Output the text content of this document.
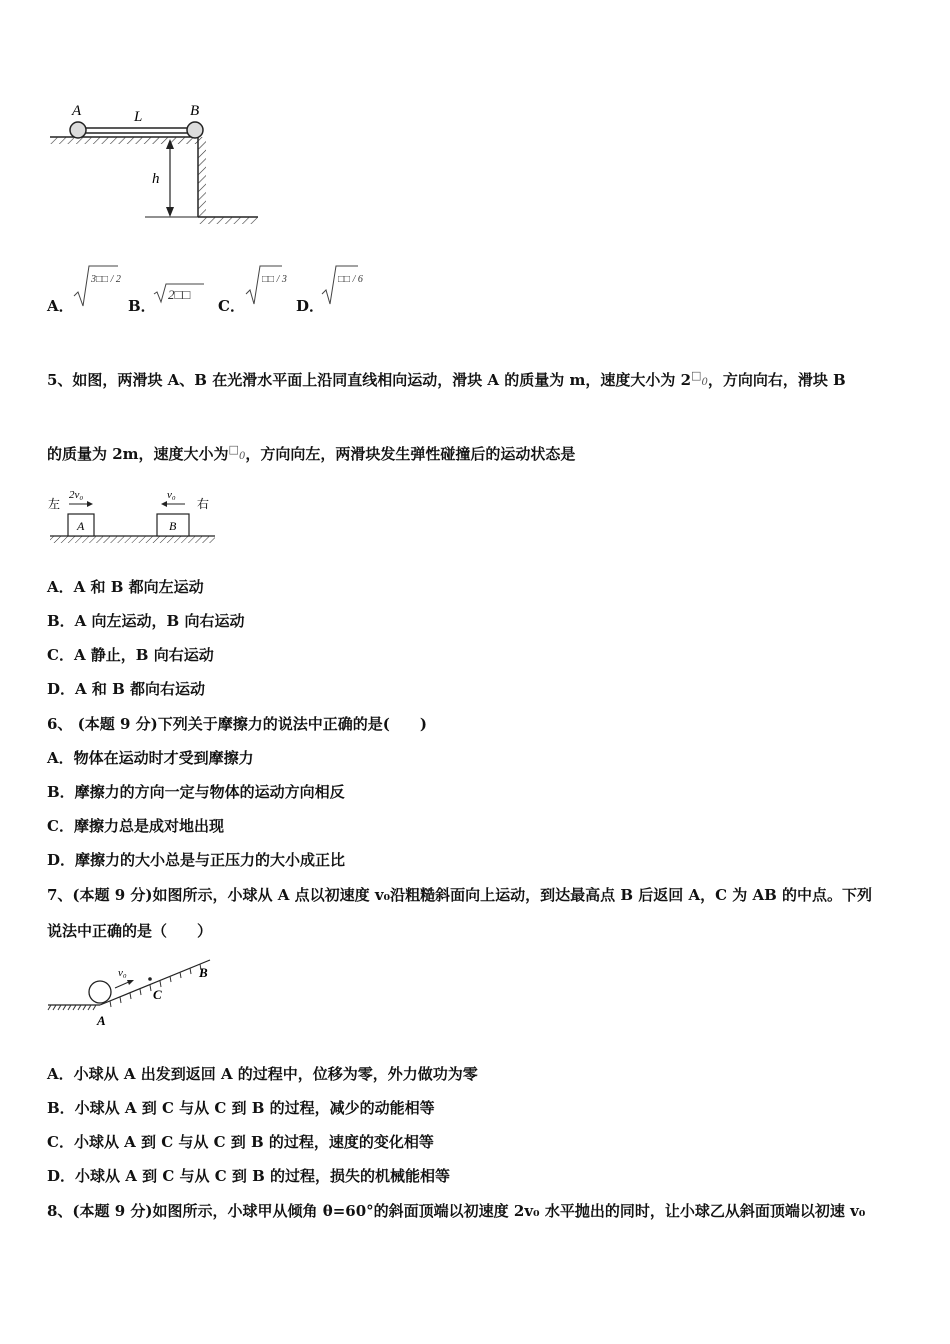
A	B
L
h
A．
3□□ / 2
B．
2□□
C．
□□ / 3
D．
□□ / 6
5、如图，两滑块 A、B 在光滑水平面上沿同直线相向运动，滑块 A 的质量为 m，速度大小为 2□0，方向向右，滑块 B
的质量为 2m，速度大小为□0，方向向左，两滑块发生弹性碰撞后的运动状态是
A	B
左	右
2v₀	v₀
A．A 和 B 都向左运动
B．A 向左运动，B 向右运动
C．A 静止，B 向右运动
D．A 和 B 都向右运动
6、 (本题 9 分)下列关于摩擦力的说法中正确的是(　　)
A．物体在运动时才受到摩擦力
B．摩擦力的方向一定与物体的运动方向相反
C．摩擦力总是成对地出现
D．摩擦力的大小总是与正压力的大小成正比
7、(本题 9 分)如图所示，小球从 A 点以初速度 v₀沿粗糙斜面向上运动，到达最高点 B 后返回 A，C 为 AB 的中点。下列
说法中正确的是（　　）
v₀
C
B
A
A．小球从 A 出发到返回 A 的过程中，位移为零，外力做功为零
B．小球从 A 到 C 与从 C 到 B 的过程，减少的动能相等
C．小球从 A 到 C 与从 C 到 B 的过程，速度的变化相等
D．小球从 A 到 C 与从 C 到 B 的过程，损失的机械能相等
8、(本题 9 分)如图所示，小球甲从倾角 θ=60°的斜面顶端以初速度 2v₀ 水平抛出的同时，让小球乙从斜面顶端以初速 v₀
